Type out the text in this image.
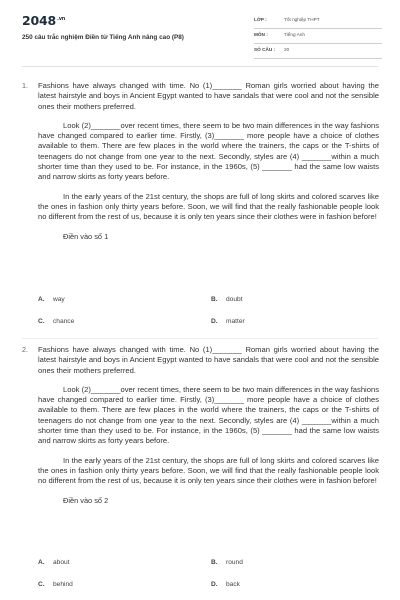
$2048^{.vn}$
250 câu trắc nghiệm Điền từ Tiếng Anh nâng cao (P8)
LỚP :	Tốt nghiệp THPT
MÔN :	Tiếng Anh
SỐ CÂU : 20
1. Fashions have always changed with time. No (1)_______ Roman girls worried about having the latest hairstyle and boys in Ancient Egypt wanted to have sandals that were cool and not the sensible ones their mothers preferred.

Look (2)_______over recent times, there seem to be two main differences in the way fashions have changed compared to earlier time. Firstly, (3)_______ more people have a choice of clothes available to them. There are few places in the world where the trainers, the caps or the T-shirts of teenagers do not change from one year to the next. Secondly, styles are (4) _______within a much shorter time than they used to be. For instance, in the 1960s, (5) _______ had the same low waists and narrow skirts as forty years before.

In the early years of the 21st century, the shops are full of long skirts and colored scarves like the ones in fashion only thirty years before. Soon, we will find that the really fashionable people look no different from the rest of us, because it is only ten years since their clothes were in fashion before!

Điền vào số 1

A. way	B. doubt
C. chance	D. matter
2. Fashions have always changed with time. No (1)_______ Roman girls worried about having the latest hairstyle and boys in Ancient Egypt wanted to have sandals that were cool and not the sensible ones their mothers preferred.

Look (2)_______over recent times, there seem to be two main differences in the way fashions have changed compared to earlier time. Firstly, (3)_______ more people have a choice of clothes available to them. There are few places in the world where the trainers, the caps or the T-shirts of teenagers do not change from one year to the next. Secondly, styles are (4) _______within a much shorter time than they used to be. For instance, in the 1960s, (5) _______ had the same low waists and narrow skirts as forty years before.

In the early years of the 21st century, the shops are full of long skirts and colored scarves like the ones in fashion only thirty years before. Soon, we will find that the really fashionable people look no different from the rest of us, because it is only ten years since their clothes were in fashion before!

Điền vào số 2

A. about	B. round
C. behind	D. back
